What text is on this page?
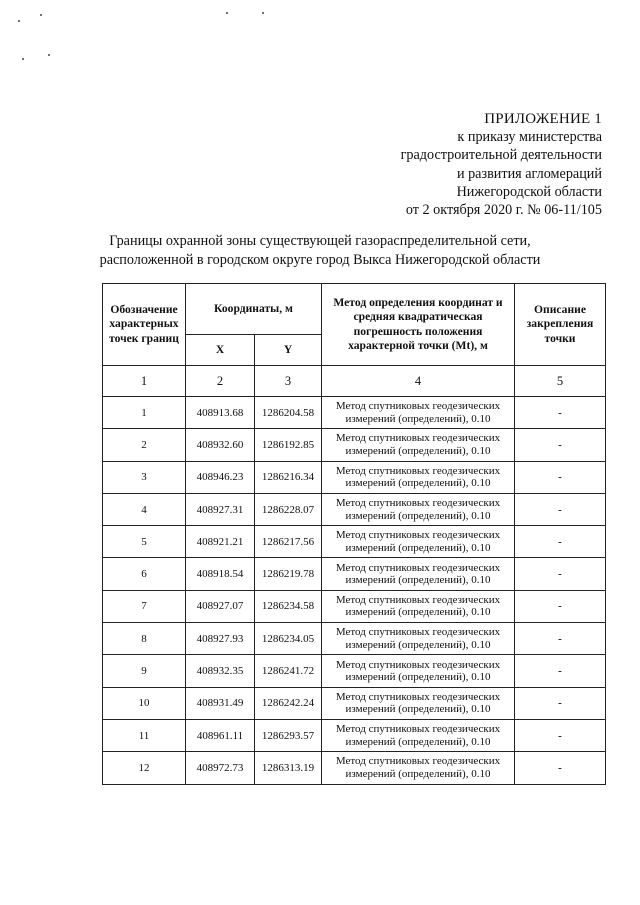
ПРИЛОЖЕНИЕ 1
к приказу министерства
градостроительной деятельности
и развития агломераций
Нижегородской области
от 2 октября 2020 г. № 06-11/105
Границы охранной зоны существующей газораспределительной сети,
расположенной в городском округе город Выкса Нижегородской области
Обозначение характерных точек границ	Координаты, м		Метод определения координат и средняя квадратическая погрешность положения характерной точки (Mt), м	Описание закрепления точки
	X	Y		
1	2	3	4	5
1	408913.68	1286204.58	Метод спутниковых геодезических измерений (определений), 0.10	-
2	408932.60	1286192.85	Метод спутниковых геодезических измерений (определений), 0.10	-
3	408946.23	1286216.34	Метод спутниковых геодезических измерений (определений), 0.10	-
4	408927.31	1286228.07	Метод спутниковых геодезических измерений (определений), 0.10	-
5	408921.21	1286217.56	Метод спутниковых геодезических измерений (определений), 0.10	-
6	408918.54	1286219.78	Метод спутниковых геодезических измерений (определений), 0.10	-
7	408927.07	1286234.58	Метод спутниковых геодезических измерений (определений), 0.10	-
8	408927.93	1286234.05	Метод спутниковых геодезических измерений (определений), 0.10	-
9	408932.35	1286241.72	Метод спутниковых геодезических измерений (определений), 0.10	-
10	408931.49	1286242.24	Метод спутниковых геодезических измерений (определений), 0.10	-
11	408961.11	1286293.57	Метод спутниковых геодезических измерений (определений), 0.10	-
12	408972.73	1286313.19	Метод спутниковых геодезических измерений (определений), 0.10	-
